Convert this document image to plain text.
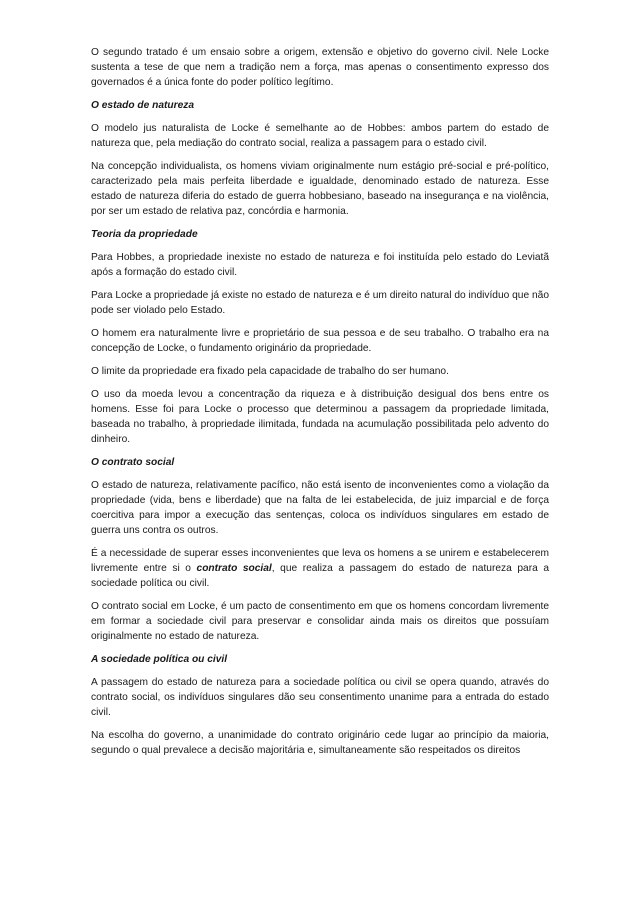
O segundo tratado é um ensaio sobre a origem, extensão e objetivo do governo civil. Nele Locke sustenta a tese de que nem a tradição nem a força, mas apenas o consentimento expresso dos governados é a única fonte do poder político legítimo.

O estado de natureza

O modelo jus naturalista de Locke é semelhante ao de Hobbes: ambos partem do estado de natureza que, pela mediação do contrato social, realiza a passagem para o estado civil.

Na concepção individualista, os homens viviam originalmente num estágio pré-social e pré-político, caracterizado pela mais perfeita liberdade e igualdade, denominado estado de natureza. Esse estado de natureza diferia do estado de guerra hobbesiano, baseado na insegurança e na violência, por ser um estado de relativa paz, concórdia e harmonia.

Teoria da propriedade

Para Hobbes, a propriedade inexiste no estado de natureza e foi instituída pelo estado do Leviatã após a formação do estado civil.

Para Locke a propriedade já existe no estado de natureza e é um direito natural do indivíduo que não pode ser violado pelo Estado.

O homem era naturalmente livre e proprietário de sua pessoa e de seu trabalho. O trabalho era na concepção de Locke, o fundamento originário da propriedade.

O limite da propriedade era fixado pela capacidade de trabalho do ser humano.

O uso da moeda levou a concentração da riqueza e à distribuição desigual dos bens entre os homens. Esse foi para Locke o processo que determinou a passagem da propriedade limitada, baseada no trabalho, à propriedade ilimitada, fundada na acumulação possibilitada pelo advento do dinheiro.

O contrato social

O estado de natureza, relativamente pacífico, não está isento de inconvenientes como a violação da propriedade (vida, bens e liberdade) que na falta de lei estabelecida, de juiz imparcial e de força coercitiva para impor a execução das sentenças, coloca os indivíduos singulares em estado de guerra uns contra os outros.

É a necessidade de superar esses inconvenientes que leva os homens a se unirem e estabelecerem livremente entre si o contrato social, que realiza a passagem do estado de natureza para a sociedade política ou civil.

O contrato social em Locke, é um pacto de consentimento em que os homens concordam livremente em formar a sociedade civil para preservar e consolidar ainda mais os direitos que possuíam originalmente no estado de natureza.

A sociedade política ou civil

A passagem do estado de natureza para a sociedade política ou civil se opera quando, através do contrato social, os indivíduos singulares dão seu consentimento unanime para a entrada do estado civil.

Na escolha do governo, a unanimidade do contrato originário cede lugar ao princípio da maioria, segundo o qual prevalece a decisão majoritária e, simultaneamente são respeitados os direitos
